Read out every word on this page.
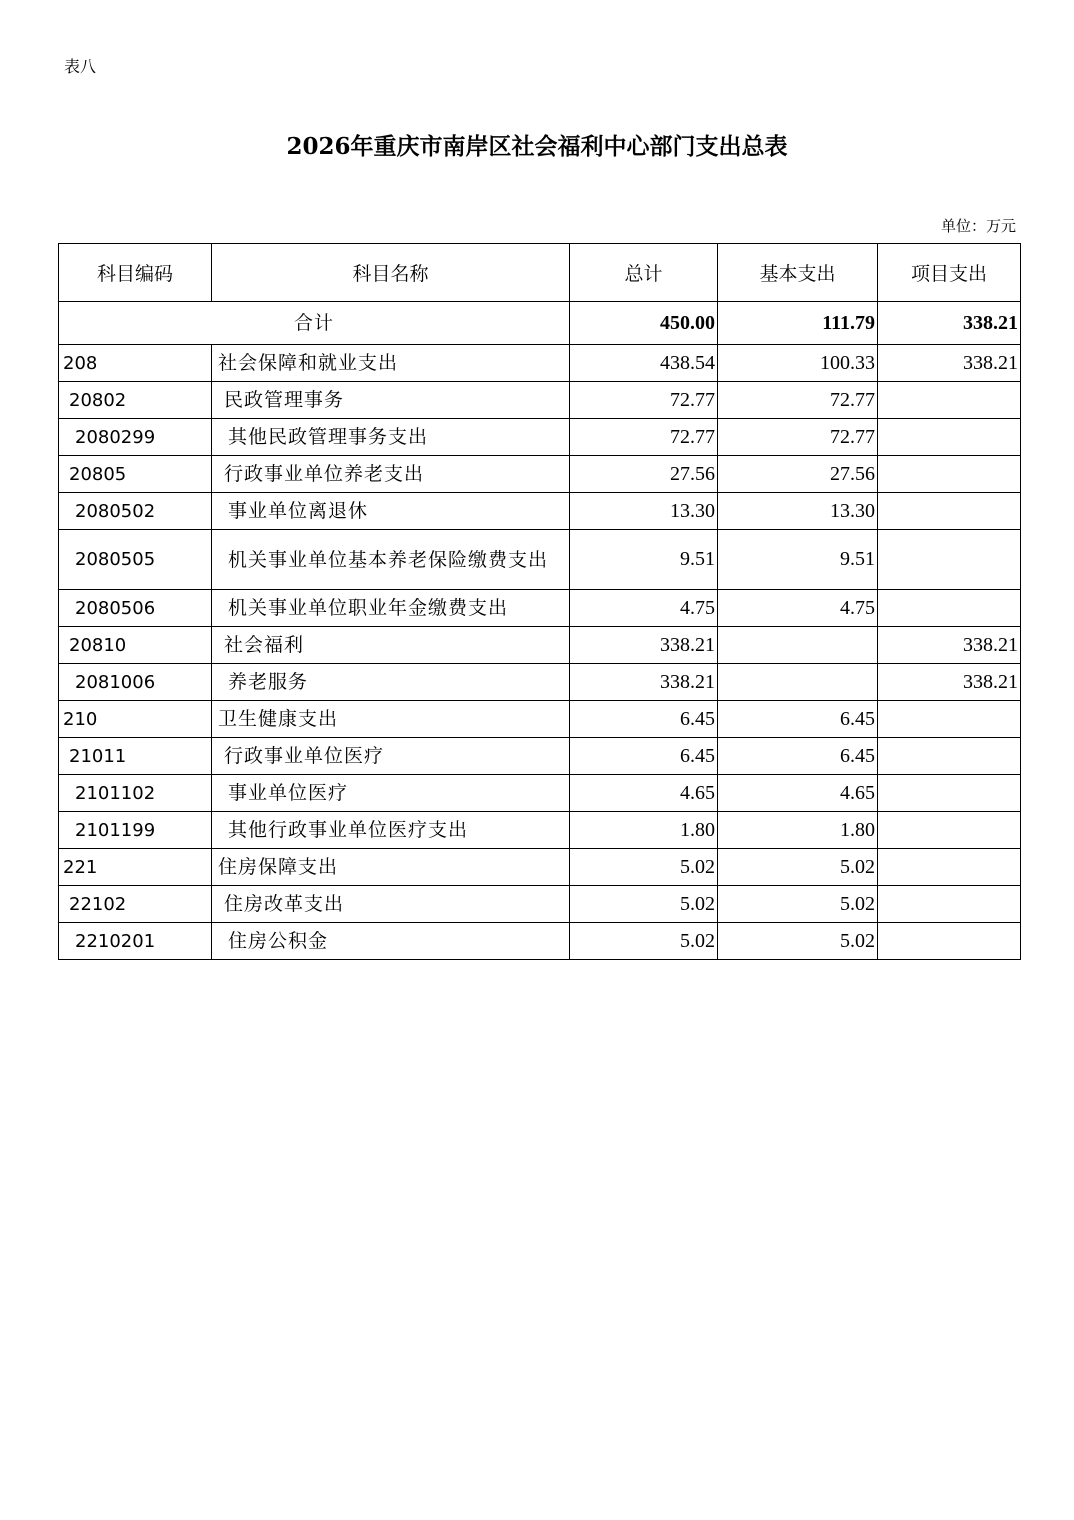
表八
2026年重庆市南岸区社会福利中心部门支出总表
单位：万元
科目编码	科目名称	总计	基本支出	项目支出
合计		450.00	111.79	338.21
208	社会保障和就业支出	438.54	100.33	338.21
20802	民政管理事务	72.77	72.77	
2080299	其他民政管理事务支出	72.77	72.77	
20805	行政事业单位养老支出	27.56	27.56	
2080502	事业单位离退休	13.30	13.30	
2080505	机关事业单位基本养老保险缴费支出	9.51	9.51	
2080506	机关事业单位职业年金缴费支出	4.75	4.75	
20810	社会福利	338.21		338.21
2081006	养老服务	338.21		338.21
210	卫生健康支出	6.45	6.45	
21011	行政事业单位医疗	6.45	6.45	
2101102	事业单位医疗	4.65	4.65	
2101199	其他行政事业单位医疗支出	1.80	1.80	
221	住房保障支出	5.02	5.02	
22102	住房改革支出	5.02	5.02	
2210201	住房公积金	5.02	5.02	
